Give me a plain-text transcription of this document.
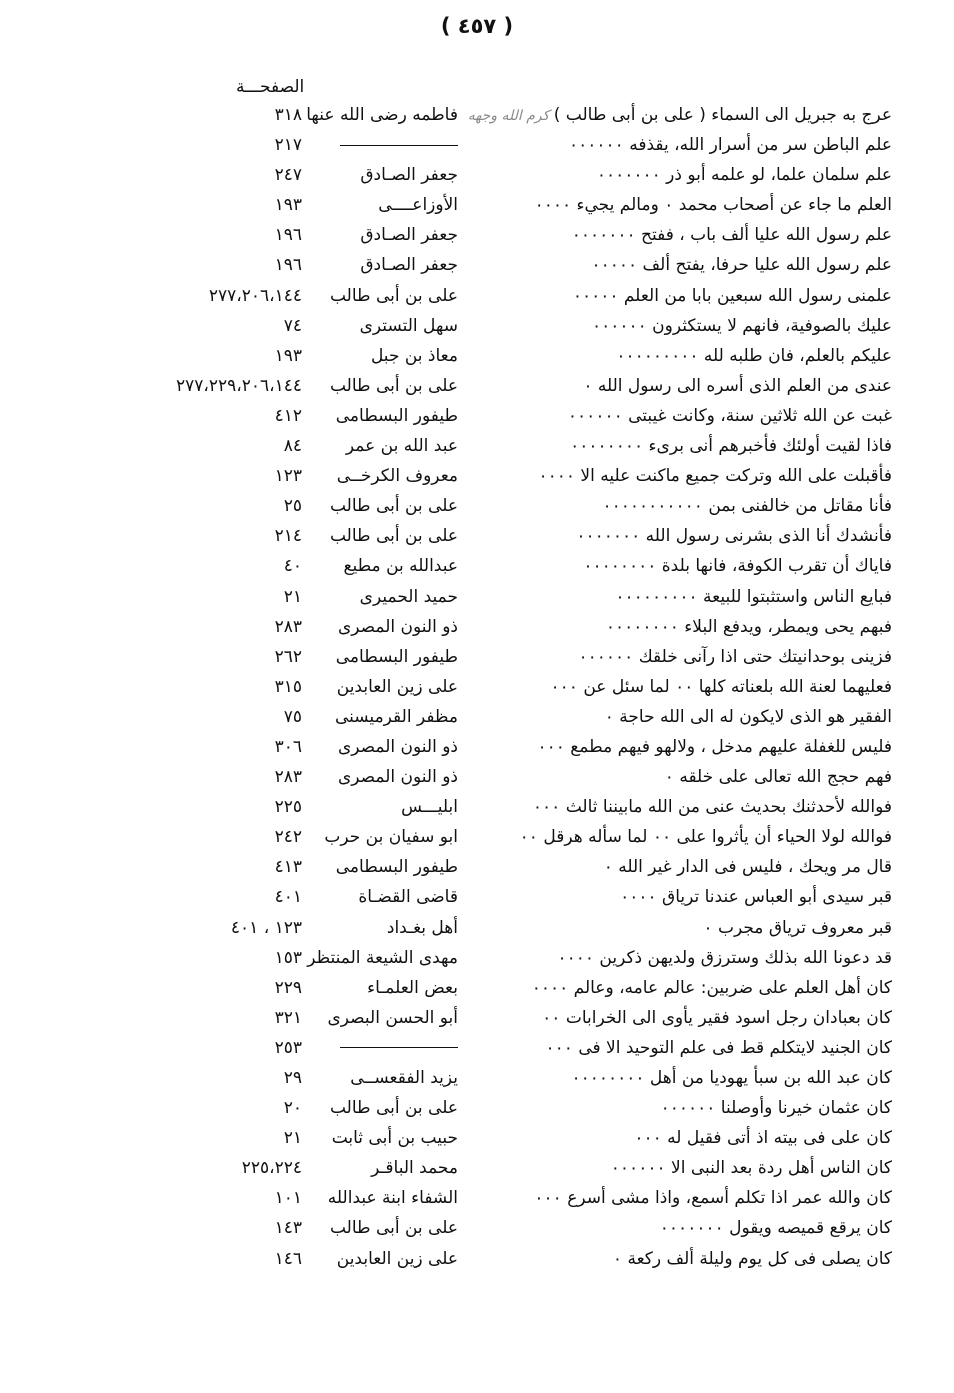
( ٤٥٧ )
الصفحـــة
عرج به جبريل الى السماء ( على بن أبى طالب ) كرم الله وجهه
فاطمه رضى الله عنها
٣١٨
علم الباطن سر من أسرار الله، يقذفه ٠٠٠٠٠٠
٢١٧
علم سلمان علما، لو علمه أبو ذر ٠٠٠٠٠٠٠
جعفر الصـادق
٢٤٧
العلم ما جاء عن أصحاب محمد ٠ ومالم يجيء ٠٠٠٠
الأوزاعــــى
١٩٣
علم رسول الله عليا ألف باب ، ففتح ٠٠٠٠٠٠٠
جعفر الصـادق
١٩٦
علم رسول الله عليا حرفا، يفتح ألف ٠٠٠٠٠
جعفر الصـادق
١٩٦
علمنى رسول الله سبعين بابا من العلم ٠٠٠٠٠
على بن أبى طالب
٢٧٧،٢٠٦،١٤٤
عليك بالصوفية، فانهم لا يستكثرون ٠٠٠٠٠٠
سهل التسترى
٧٤
عليكم بالعلم، فان طلبه لله ٠٠٠٠٠٠٠٠٠
معاذ بن جبل
١٩٣
عندى من العلم الذى أسره الى رسول الله ٠
على بن أبى طالب
٢٧٧،٢٢٩،٢٠٦،١٤٤
غبت عن الله ثلاثين سنة، وكانت غيبتى ٠٠٠٠٠٠
طيفور البسطامى
٤١٢
فاذا لقيت أولئك فأخبرهم أنى برىء ٠٠٠٠٠٠٠٠
عبد الله بن عمر
٨٤
فأقبلت على الله وتركت جميع ماكنت عليه الا ٠٠٠٠
معروف الكرخــى
١٢٣
فأنا مقاتل من خالفنى بمن ٠٠٠٠٠٠٠٠٠٠٠
على بن أبى طالب
٢٥
فأنشدك أنا الذى بشرنى رسول الله ٠٠٠٠٠٠٠
على بن أبى طالب
٢١٤
فاياك أن تقرب الكوفة، فانها بلدة ٠٠٠٠٠٠٠٠
عبدالله بن مطيع
٤٠
فبايع الناس واستثبتوا للبيعة ٠٠٠٠٠٠٠٠٠
حميد الحميرى
٢١
فبهم يحى ويمطر، ويدفع البلاء ٠٠٠٠٠٠٠٠
ذو النون المصرى
٢٨٣
فزينى بوحدانيتك حتى اذا رآنى خلقك ٠٠٠٠٠٠
طيفور البسطامى
٢٦٢
فعليهما لعنة الله بلعناته كلها ٠٠ لما سئل عن ٠٠٠
على زين العابدين
٣١٥
الفقير هو الذى لايكون له الى الله حاجة ٠
مظفر القرميسنى
٧٥
فليس للغفلة عليهم مدخل ، ولالهو فيهم مطمع ٠٠٠
ذو النون المصرى
٣٠٦
فهم حجج الله تعالى على خلقه ٠
ذو النون المصرى
٢٨٣
فوالله لأحدثنك بحديث عنى من الله مابيننا ثالث ٠٠٠
ابليـــس
٢٢٥
فوالله لولا الحياء أن يأثروا على ٠٠ لما سأله هرقل ٠٠
ابو سفيان بن حرب
٢٤٢
قال مر ويحك ، فليس فى الدار غير الله ٠
طيفور البسطامى
٤١٣
قبر سيدى أبو العباس عندنا ترياق ٠٠٠٠
قاضى القضـاة
٤٠١
قبر معروف ترياق مجرب ٠
أهل بغـداد
١٢٣ ، ٤٠١
قد دعونا الله بذلك وسترزق ولديهن ذكرين ٠٠٠٠
مهدى الشيعة المنتظر
١٥٣
كان أهل العلم على ضربين: عالم عامه، وعالم ٠٠٠٠
بعض العلمـاء
٢٢٩
كان بعبادان رجل اسود فقير يأوى الى الخرابات ٠٠
أبو الحسن البصرى
٣٢١
كان الجنيد لايتكلم قط فى علم التوحيد الا فى ٠٠٠
٢٥٣
كان عبد الله بن سبأ يهوديا من أهل ٠٠٠٠٠٠٠٠
يزيد الفقعســى
٢٩
كان عثمان خيرنا وأوصلنا ٠٠٠٠٠٠
على بن أبى طالب
٢٠
كان على فى بيته اذ أتى فقيل له ٠٠٠
حبيب بن أبى ثابت
٢١
كان الناس أهل ردة بعد النبى الا ٠٠٠٠٠٠
محمد الباقـر
٢٢٥،٢٢٤
كان والله عمر اذا تكلم أسمع، واذا مشى أسرع ٠٠٠
الشفاء ابنة عبدالله
١٠١
كان يرقع قميصه ويقول ٠٠٠٠٠٠٠
على بن أبى طالب
١٤٣
كان يصلى فى كل يوم وليلة ألف ركعة ٠
على زين العابدين
١٤٦
